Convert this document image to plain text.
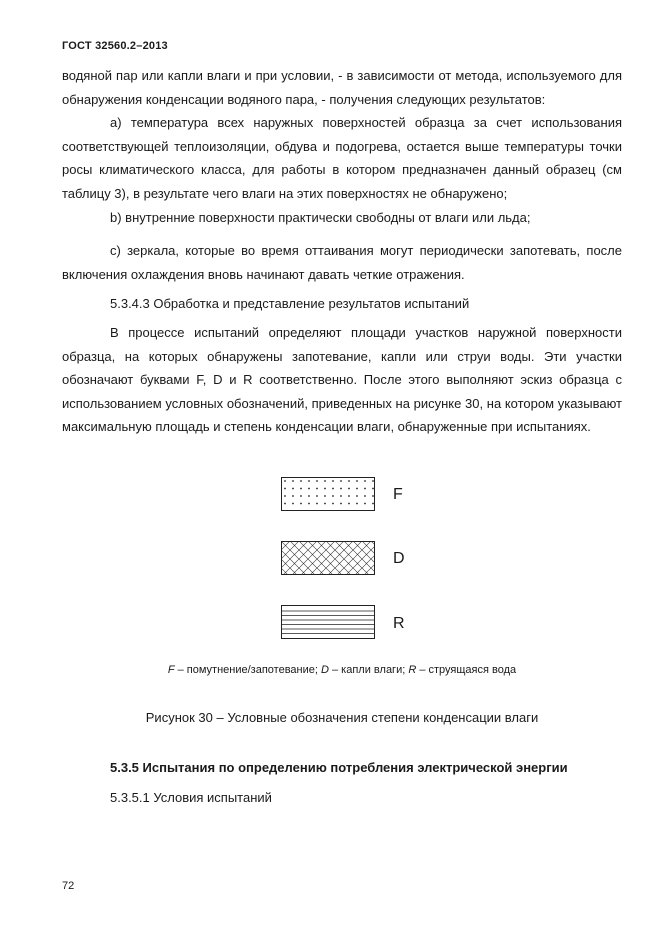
ГОСТ 32560.2–2013

водяной пар или капли влаги и при условии, - в зависимости от метода, используемого для обнаружения конденсации водяного пара, - получения следующих результатов:

а) температура всех наружных поверхностей образца за счет использования соответствующей теплоизоляции, обдува и подогрева, остается выше температуры точки росы климатического класса, для работы в котором предназначен данный образец (см таблицу 3), в результате чего влаги на этих поверхностях не обнаружено;

b) внутренние поверхности практически свободны от влаги или льда;

с) зеркала, которые во время оттаивания могут периодически запотевать, после включения охлаждения вновь начинают давать четкие отражения.

5.3.4.3 Обработка и представление результатов испытаний

В процессе испытаний определяют площади участков наружной поверхности образца, на которых обнаружены запотевание, капли или струи воды. Эти участки обозначают буквами F, D и R соответственно. После этого выполняют эскиз образца с использованием условных обозначений, приведенных на рисунке 30, на котором указывают максимальную площадь и степень конденсации влаги, обнаруженные при испытаниях.

F
D
R
F – помутнение/запотевание; D – капли влаги; R – струящаяся вода
Рисунок 30 – Условные обозначения степени конденсации влаги

5.3.5 Испытания по определению потребления электрической энергии

5.3.5.1 Условия испытаний

72
